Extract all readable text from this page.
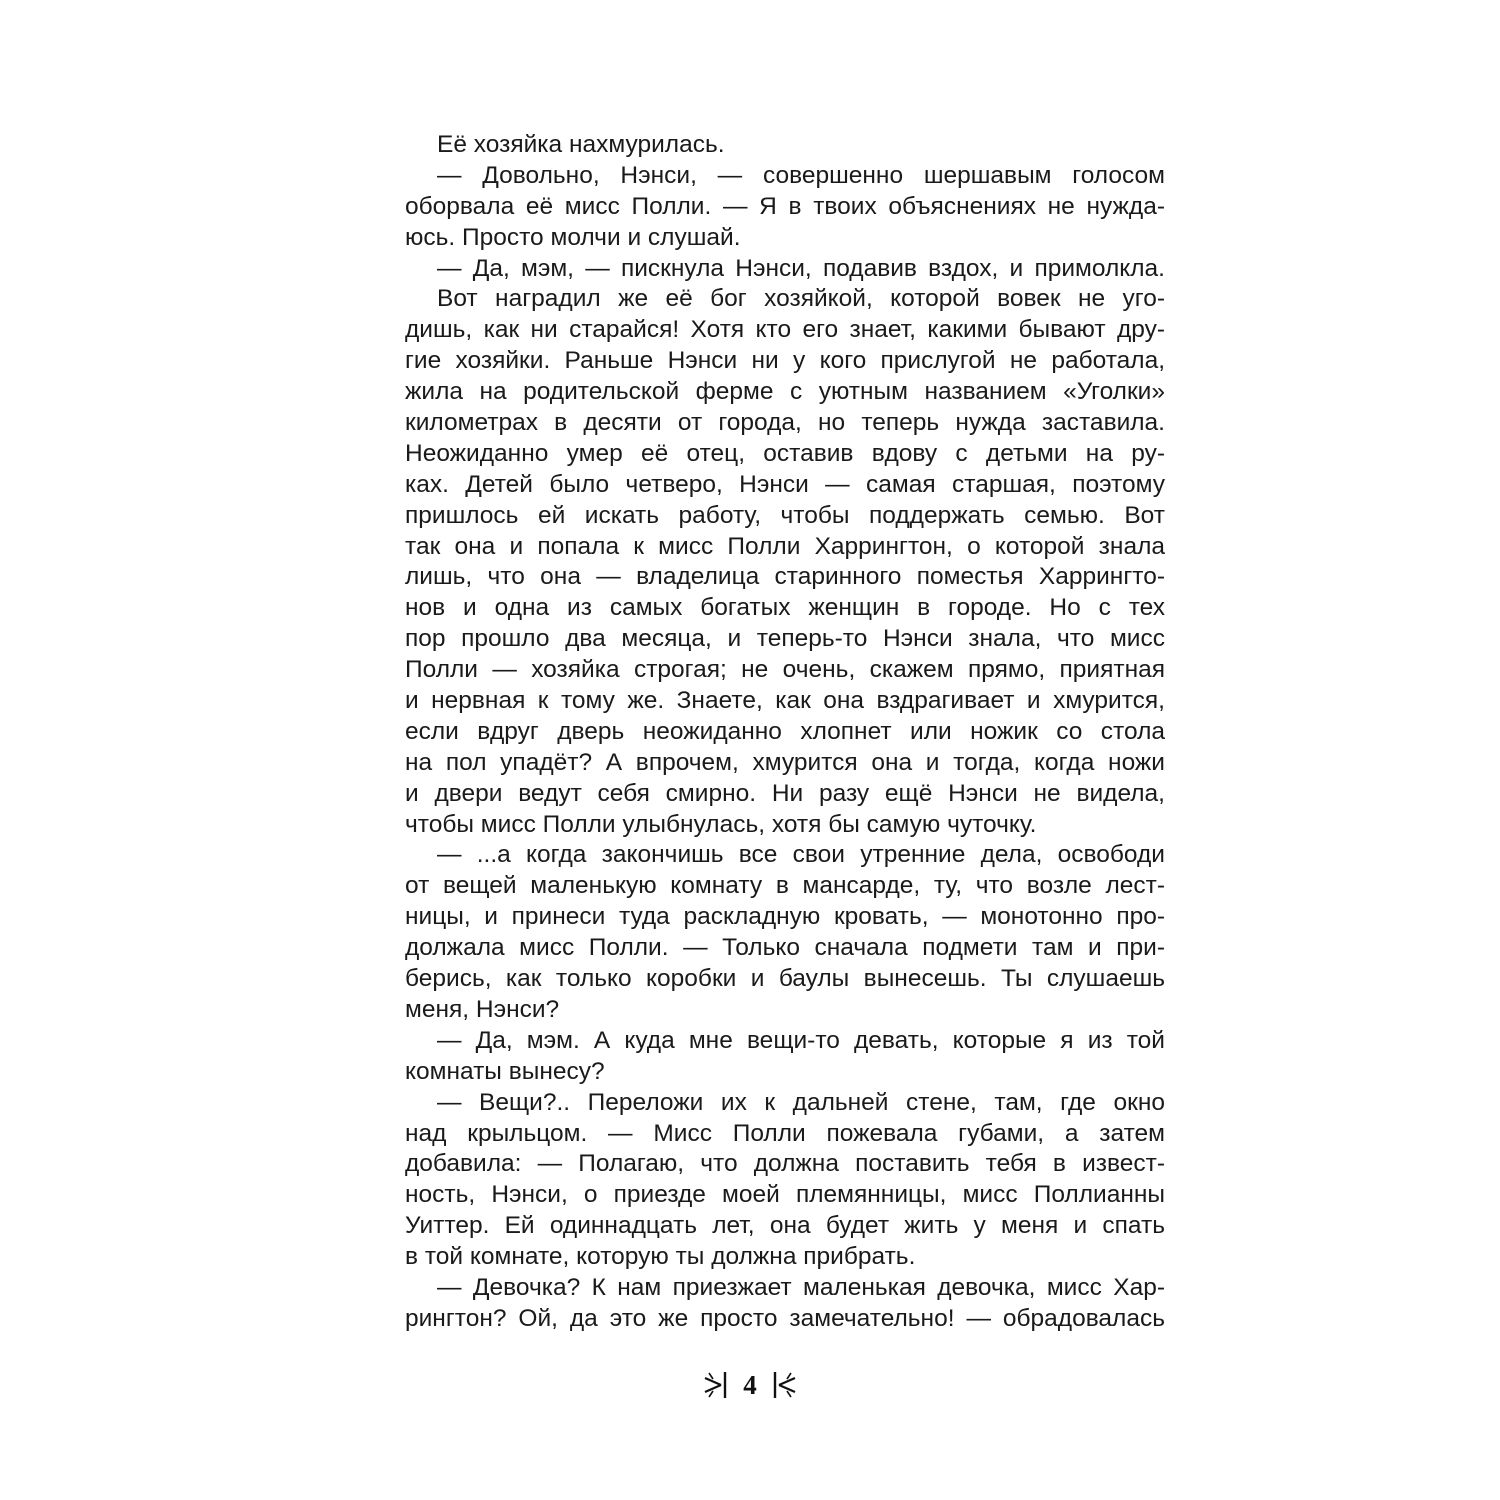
Её хозяйка нахмурилась.
— Довольно, Нэнси, — совершенно шершавым голосом
оборвала её мисс Полли. — Я в твоих объяснениях не нужда-
юсь. Просто молчи и слушай.
— Да, мэм, — пискнула Нэнси, подавив вздох, и примолкла.
Вот наградил же её бог хозяйкой, которой вовек не уго-
дишь, как ни старайся! Хотя кто его знает, какими бывают дру-
гие хозяйки. Раньше Нэнси ни у кого прислугой не работала,
жила на родительской ферме с уютным названием «Уголки»
километрах в десяти от города, но теперь нужда заставила.
Неожиданно умер её отец, оставив вдову с детьми на ру-
ках. Детей было четверо, Нэнси — самая старшая, поэтому
пришлось ей искать работу, чтобы поддержать семью. Вот
так она и попала к мисс Полли Харрингтон, о которой знала
лишь, что она — владелица старинного поместья Харрингто-
нов и одна из самых богатых женщин в городе. Но с тех
пор прошло два месяца, и теперь-то Нэнси знала, что мисс
Полли — хозяйка строгая; не очень, скажем прямо, приятная
и нервная к тому же. Знаете, как она вздрагивает и хмурится,
если вдруг дверь неожиданно хлопнет или ножик со стола
на пол упадёт? А впрочем, хмурится она и тогда, когда ножи
и двери ведут себя смирно. Ни разу ещё Нэнси не видела,
чтобы мисс Полли улыбнулась, хотя бы самую чуточку.
— ...а когда закончишь все свои утренние дела, освободи
от вещей маленькую комнату в мансарде, ту, что возле лест-
ницы, и принеси туда раскладную кровать, — монотонно про-
должала мисс Полли. — Только сначала подмети там и при-
берись, как только коробки и баулы вынесешь. Ты слушаешь
меня, Нэнси?
— Да, мэм. А куда мне вещи-то девать, которые я из той
комнаты вынесу?
— Вещи?.. Переложи их к дальней стене, там, где окно
над крыльцом. — Мисс Полли пожевала губами, а затем
добавила: — Полагаю, что должна поставить тебя в извест-
ность, Нэнси, о приезде моей племянницы, мисс Поллианны
Уиттер. Ей одиннадцать лет, она будет жить у меня и спать
в той комнате, которую ты должна прибрать.
— Девочка? К нам приезжает маленькая девочка, мисс Хар-
рингтон? Ой, да это же просто замечательно! — обрадовалась
4
